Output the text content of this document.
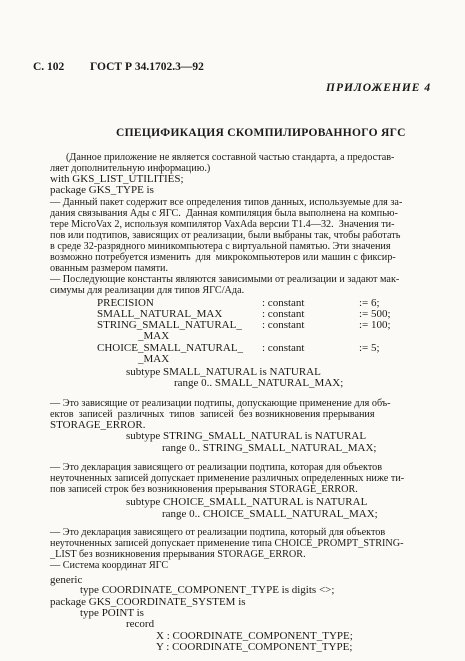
С. 102 ГОСТ Р 34.1702.3—92
ПРИЛОЖЕНИЕ 4
СПЕЦИФИКАЦИЯ СКОМПИЛИРОВАННОГО ЯГС
(Данное приложение не является составной частью стандарта, а предостав-
ляет дополнительную информацию.)
with GKS_LIST_UTILITIES;
package GKS_TYPE is
— Данный пакет содержит все определения типов данных, используемые для за-
дания связывания Ады с ЯГС.  Данная компиляция была выполнена на компью-
тере MicroVax 2, используя компилятор VaxAda версии Т1.4—32.  Значения ти-
пов или подтипов, зависящих от реализации, были выбраны так, чтобы работать
в среде 32-разрядного миникомпьютера с виртуальной памятью. Эти значения
возможно потребуется изменить  для  микрокомпьютеров или машин с фиксир-
ованным размером памяти.
— Последующие константы являются зависимыми от реализации и задают мак-
симумы для реализации для типов ЯГС/Ада.
PRECISION	: constant	:= 6;
SMALL_NATURAL_MAX	: constant	:= 500;
STRING_SMALL_NATURAL_ : constant	:= 100;
_MAX
CHOICE_SMALL_NATURAL_ : constant	:= 5;
_MAX
subtype SMALL_NATURAL is NATURAL
range 0.. SMALL_NATURAL_MAX;
— Это зависящие от реализации подтипы, допускающие применение для объ-
ектов  записей  различных  типов  записей  без возникновения прерывания
STORAGE_ERROR.
subtype STRING_SMALL_NATURAL is NATURAL
range 0.. STRING_SMALL_NATURAL_MAX;
— Это декларация зависящего от реализации подтипа, которая для объектов
неуточненных записей допускает применение различных определенных ниже ти-
пов записей строк без возникновения прерывания STORAGE_ERROR.
subtype CHOICE_SMALL_NATURAL is NATURAL
range 0.. CHOICE_SMALL_NATURAL_MAX;
— Это декларация зависящего от реализации подтипа, который для объектов
неуточненных записей допускает применение типа CHOICE_PROMPT_STRING-
_LIST без возникновения прерывания STORAGE_ERROR.
— Система координат ЯГС
generic
type COORDINATE_COMPONENT_TYPE is digits <>;
package GKS_COORDINATE_SYSTEM is
type POINT is
record
X : COORDINATE_COMPONENT_TYPE;
Y : COORDINATE_COMPONENT_TYPE;
